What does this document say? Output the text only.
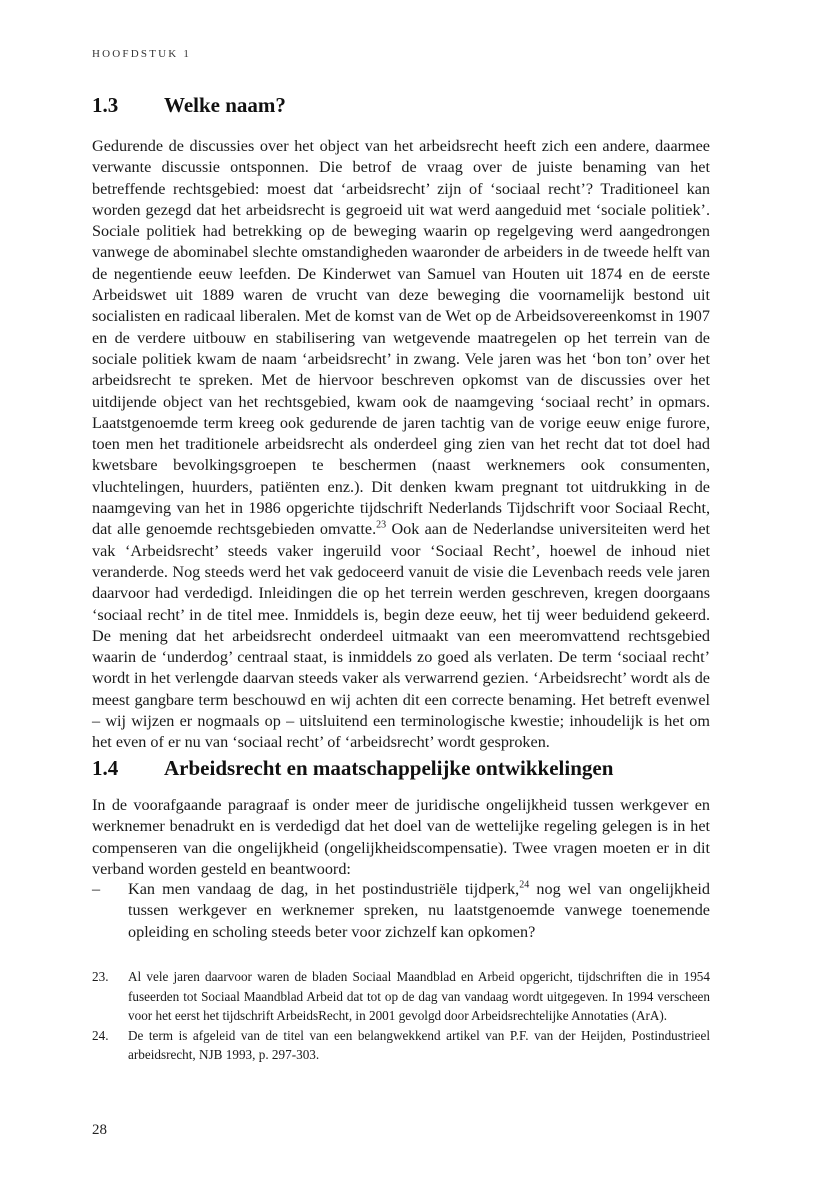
HOOFDSTUK 1
1.3 Welke naam?

Gedurende de discussies over het object van het arbeidsrecht heeft zich een andere, daarmee verwante discussie ontsponnen. Die betrof de vraag over de juiste benaming van het betreffende rechtsgebied: moest dat ‘arbeidsrecht’ zijn of ‘sociaal recht’? Traditioneel kan worden gezegd dat het arbeidsrecht is gegroeid uit wat werd aangeduid met ‘sociale politiek’. Sociale politiek had betrekking op de beweging waarin op regelgeving werd aangedrongen vanwege de abominabel slechte omstandigheden waaronder de arbeiders in de tweede helft van de negentiende eeuw leefden. De Kinderwet van Samuel van Houten uit 1874 en de eerste Arbeidswet uit 1889 waren de vrucht van deze beweging die voornamelijk bestond uit socialisten en radicaal liberalen. Met de komst van de Wet op de Arbeidsovereenkomst in 1907 en de verdere uitbouw en stabilisering van wetgevende maatregelen op het terrein van de sociale politiek kwam de naam ‘arbeidsrecht’ in zwang. Vele jaren was het ‘bon ton’ over het arbeidsrecht te spreken. Met de hiervoor beschreven opkomst van de discussies over het uitdijende object van het rechtsgebied, kwam ook de naamgeving ‘sociaal recht’ in opmars. Laatstgenoemde term kreeg ook gedurende de jaren tachtig van de vorige eeuw enige furore, toen men het traditionele arbeidsrecht als onderdeel ging zien van het recht dat tot doel had kwetsbare bevolkingsgroepen te beschermen (naast werknemers ook consumenten, vluchtelingen, huurders, patiënten enz.). Dit denken kwam pregnant tot uitdrukking in de naamgeving van het in 1986 opgerichte tijdschrift Nederlands Tijdschrift voor Sociaal Recht, dat alle genoemde rechtsgebieden omvatte.$^{23}$ Ook aan de Nederlandse universiteiten werd het vak ‘Arbeidsrecht’ steeds vaker ingeruild voor ‘Sociaal Recht’, hoewel de inhoud niet veranderde. Nog steeds werd het vak gedoceerd vanuit de visie die Levenbach reeds vele jaren daarvoor had verdedigd. Inleidingen die op het terrein werden geschreven, kregen doorgaans ‘sociaal recht’ in de titel mee. Inmiddels is, begin deze eeuw, het tij weer beduidend gekeerd. De mening dat het arbeidsrecht onderdeel uitmaakt van een meeromvattend rechtsgebied waarin de ‘underdog’ centraal staat, is inmiddels zo goed als verlaten. De term ‘sociaal recht’ wordt in het verlengde daarvan steeds vaker als verwarrend gezien. ‘Arbeidsrecht’ wordt als de meest gangbare term beschouwd en wij achten dit een correcte benaming. Het betreft evenwel – wij wijzen er nogmaals op – uitsluitend een terminologische kwestie; inhoudelijk is het om het even of er nu van ‘sociaal recht’ of ‘arbeidsrecht’ wordt gesproken.

1.4 Arbeidsrecht en maatschappelijke ontwikkelingen

In de voorafgaande paragraaf is onder meer de juridische ongelijkheid tussen werkgever en werknemer benadrukt en is verdedigd dat het doel van de wettelijke regeling gelegen is in het compenseren van die ongelijkheid (ongelijkheidscompensatie). Twee vragen moeten er in dit verband worden gesteld en beantwoord:

– Kan men vandaag de dag, in het postindustriële tijdperk,$^{24}$ nog wel van ongelijkheid tussen werkgever en werknemer spreken, nu laatstgenoemde vanwege toenemende opleiding en scholing steeds beter voor zichzelf kan opkomen?
23. Al vele jaren daarvoor waren de bladen Sociaal Maandblad en Arbeid opgericht, tijdschriften die in 1954 fuseerden tot Sociaal Maandblad Arbeid dat tot op de dag van vandaag wordt uitgegeven. In 1994 verscheen voor het eerst het tijdschrift ArbeidsRecht, in 2001 gevolgd door Arbeidsrechtelijke Annotaties (ArA).
24. De term is afgeleid van de titel van een belangwekkend artikel van P.F. van der Heijden, Postindustrieel arbeidsrecht, NJB 1993, p. 297-303.
28
